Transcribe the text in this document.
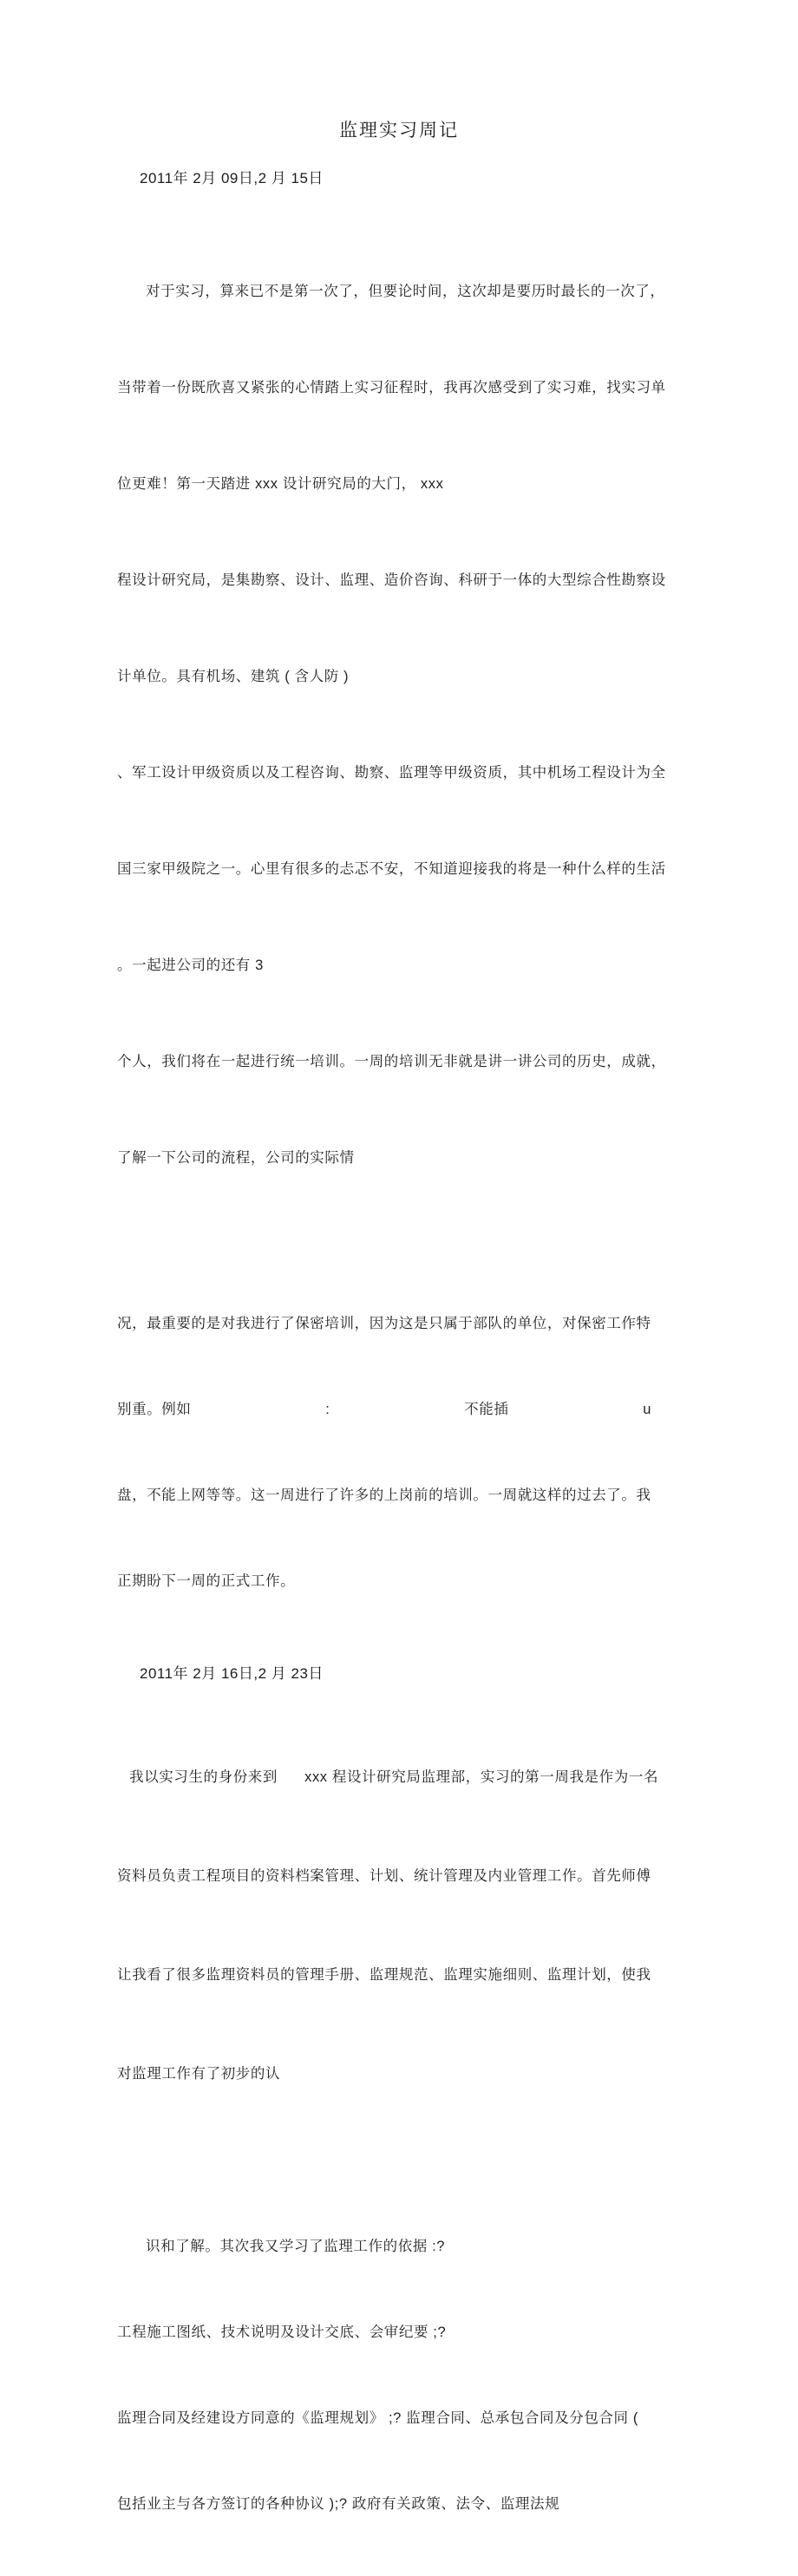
监理实习周记
2011年 2月 09日,2 月 15日

对于实习，算来已不是第一次了，但要论时间，这次却是要历时最长的一次了，

当带着一份既欣喜又紧张的心情踏上实习征程时，我再次感受到了实习难，找实习单

位更难！第一天踏进 xxx 设计研究局的大门， xxx

程设计研究局，是集勘察、设计、监理、造价咨询、科研于一体的大型综合性勘察设

计单位。具有机场、建筑 ( 含人防 )

、军工设计甲级资质以及工程咨询、勘察、监理等甲级资质，其中机场工程设计为全

国三家甲级院之一。心里有很多的忐忑不安，不知道迎接我的将是一种什么样的生活

。一起进公司的还有 3

个人，我们将在一起进行统一培训。一周的培训无非就是讲一讲公司的历史，成就，

了解一下公司的流程，公司的实际情

况，最重要的是对我进行了保密培训，因为这是只属于部队的单位，对保密工作特

别重。例如	:	不能插	u

盘，不能上网等等。这一周进行了许多的上岗前的培训。一周就这样的过去了。我

正期盼下一周的正式工作。

2011年 2月 16日,2 月 23日

我以实习生的身份来到      xxx 程设计研究局监理部，实习的第一周我是作为一名

资料员负责工程项目的资料档案管理、计划、统计管理及内业管理工作。首先师傅

让我看了很多监理资料员的管理手册、监理规范、监理实施细则、监理计划，使我

对监理工作有了初步的认

识和了解。其次我又学习了监理工作的依据 :?

工程施工图纸、技术说明及设计交底、会审纪要 ;?

监理合同及经建设方同意的《监理规划》 ;? 监理合同、总承包合同及分包合同 (

包括业主与各方签订的各种协议 );? 政府有关政策、法令、监理法规
